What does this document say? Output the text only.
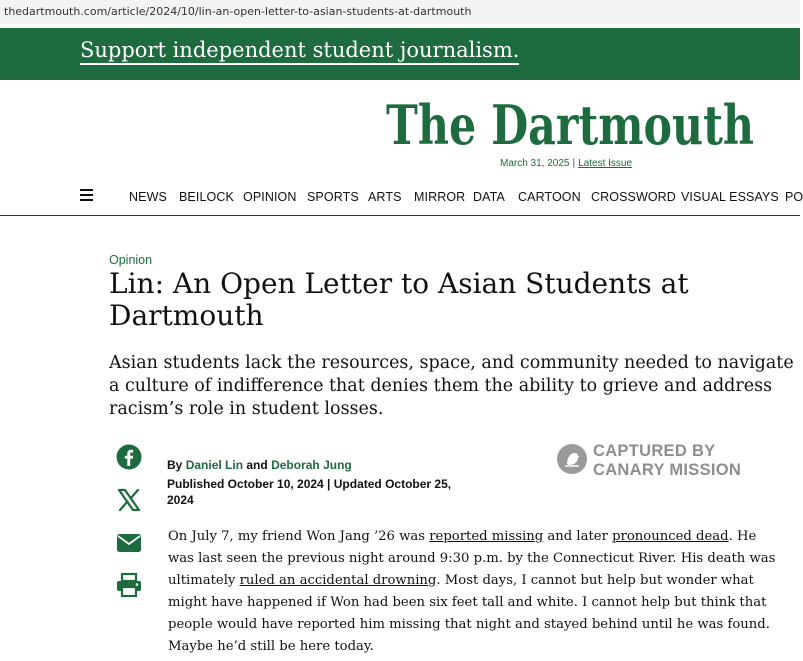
thedartmouth.com/article/2024/10/lin-an-open-letter-to-asian-students-at-dartmouth
Support independent student journalism.
The Dartmouth
March 31, 2025 | Latest Issue
NEWS BEILOCK OPINION SPORTS ARTS MIRROR DATA CARTOON CROSSWORD VISUAL ESSAYS PO
Opinion
Lin: An Open Letter to Asian Students at Dartmouth

Asian students lack the resources, space, and community needed to navigate a culture of indifference that denies them the ability to grieve and address racism’s role in student losses.

By Daniel Lin and Deborah Jung
Published October 10, 2024 | Updated October 25, 2024
CAPTURED BY
CANARY MISSION

On July 7, my friend Won Jang ’26 was reported missing and later pronounced dead. He was last seen the previous night around 9:30 p.m. by the Connecticut River. His death was ultimately ruled an accidental drowning. Most days, I cannot but help but wonder what might have happened if Won had been six feet tall and white. I cannot help but think that people would have reported him missing that night and stayed behind until he was found. Maybe he’d still be here today.
